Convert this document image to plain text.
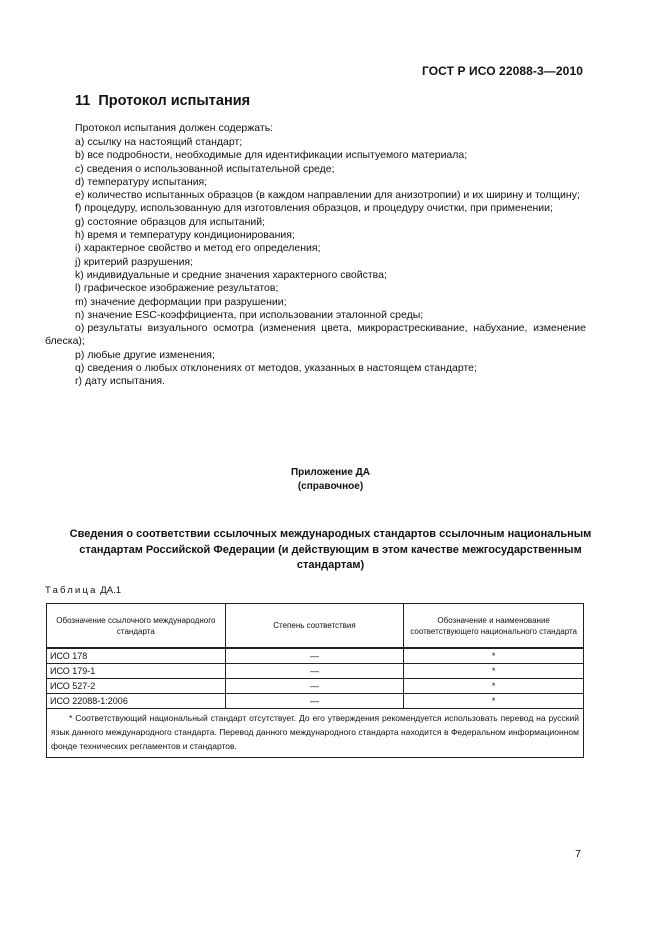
ГОСТ Р ИСО 22088-3—2010
11 Протокол испытания
Протокол испытания должен содержать:
a) ссылку на настоящий стандарт;
b) все подробности, необходимые для идентификации испытуемого материала;
c) сведения о использованной испытательной среде;
d) температуру испытания;
e) количество испытанных образцов (в каждом направлении для анизотропии) и их ширину и толщину;
f) процедуру, использованную для изготовления образцов, и процедуру очистки, при применении;
g) состояние образцов для испытаний;
h) время и температуру кондиционирования;
i) характерное свойство и метод его определения;
j) критерий разрушения;
k) индивидуальные и средние значения характерного свойства;
l) графическое изображение результатов;
m) значение деформации при разрушении;
n) значение ESC-коэффициента, при использовании эталонной среды;
o) результаты визуального осмотра (изменения цвета, микрорастрескивание, набухание, изменение блеска);
p) любые другие изменения;
q) сведения о любых отклонениях от методов, указанных в настоящем стандарте;
r) дату испытания.
Приложение ДА
(справочное)
Сведения о соответствии ссылочных международных стандартов ссылочным национальным стандартам Российской Федерации (и действующим в этом качестве межгосударственным стандартам)
Таблица ДА.1
Обозначение ссылочного международного стандарта	Степень соответствия	Обозначение и наименование соответствующего национального стандарта
ИСО 178	—	*
ИСО 179-1	—	*
ИСО 527-2	—	*
ИСО 22088-1:2006	—	*
* Соответствующий национальный стандарт отсутствует. До его утверждения рекомендуется использовать перевод на русский язык данного международного стандарта. Перевод данного международного стандарта находится в Федеральном информационном фонде технических регламентов и стандартов.		
7
